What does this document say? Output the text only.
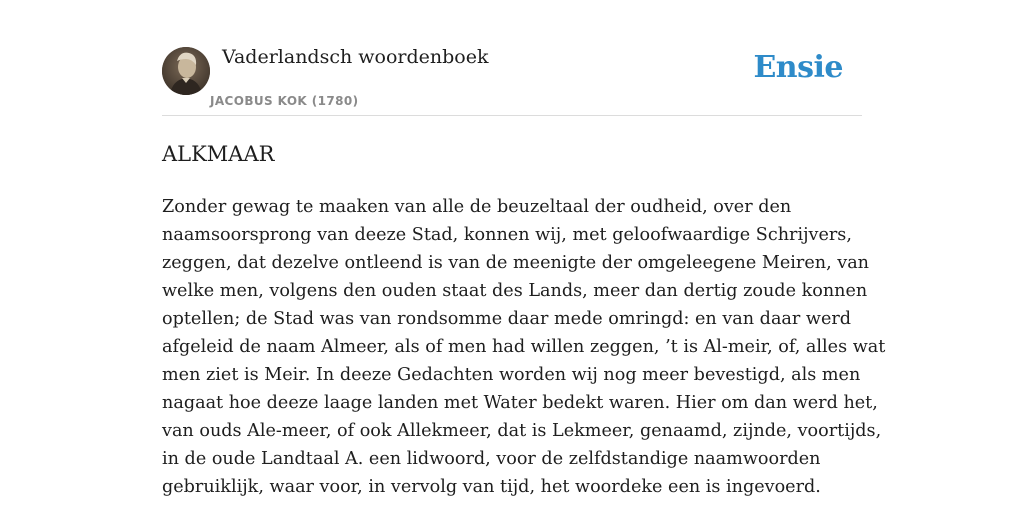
Vaderlandsch woordenboek
JACOBUS KOK (1780)
Ensie
ALKMAAR

Zonder gewag te maaken van alle de beuzeltaal der oudheid, over den
naamsoorsprong van deeze Stad, konnen wij, met geloofwaardige Schrijvers,
zeggen, dat dezelve ontleend is van de meenigte der omgeleegene Meiren, van
welke men, volgens den ouden staat des Lands, meer dan dertig zoude konnen
optellen; de Stad was van rondsomme daar mede omringd: en van daar werd
afgeleid de naam Almeer, als of men had willen zeggen, ’t is Al-meir, of, alles wat
men ziet is Meir. In deeze Gedachten worden wij nog meer bevestigd, als men
nagaat hoe deeze laage landen met Water bedekt waren. Hier om dan werd het,
van ouds Ale-meer, of ook Allekmeer, dat is Lekmeer, genaamd, zijnde, voortijds,
in de oude Landtaal A. een lidwoord, voor de zelfdstandige naamwoorden
gebruiklijk, waar voor, in vervolg van tijd, het woordeke een is ingevoerd.
